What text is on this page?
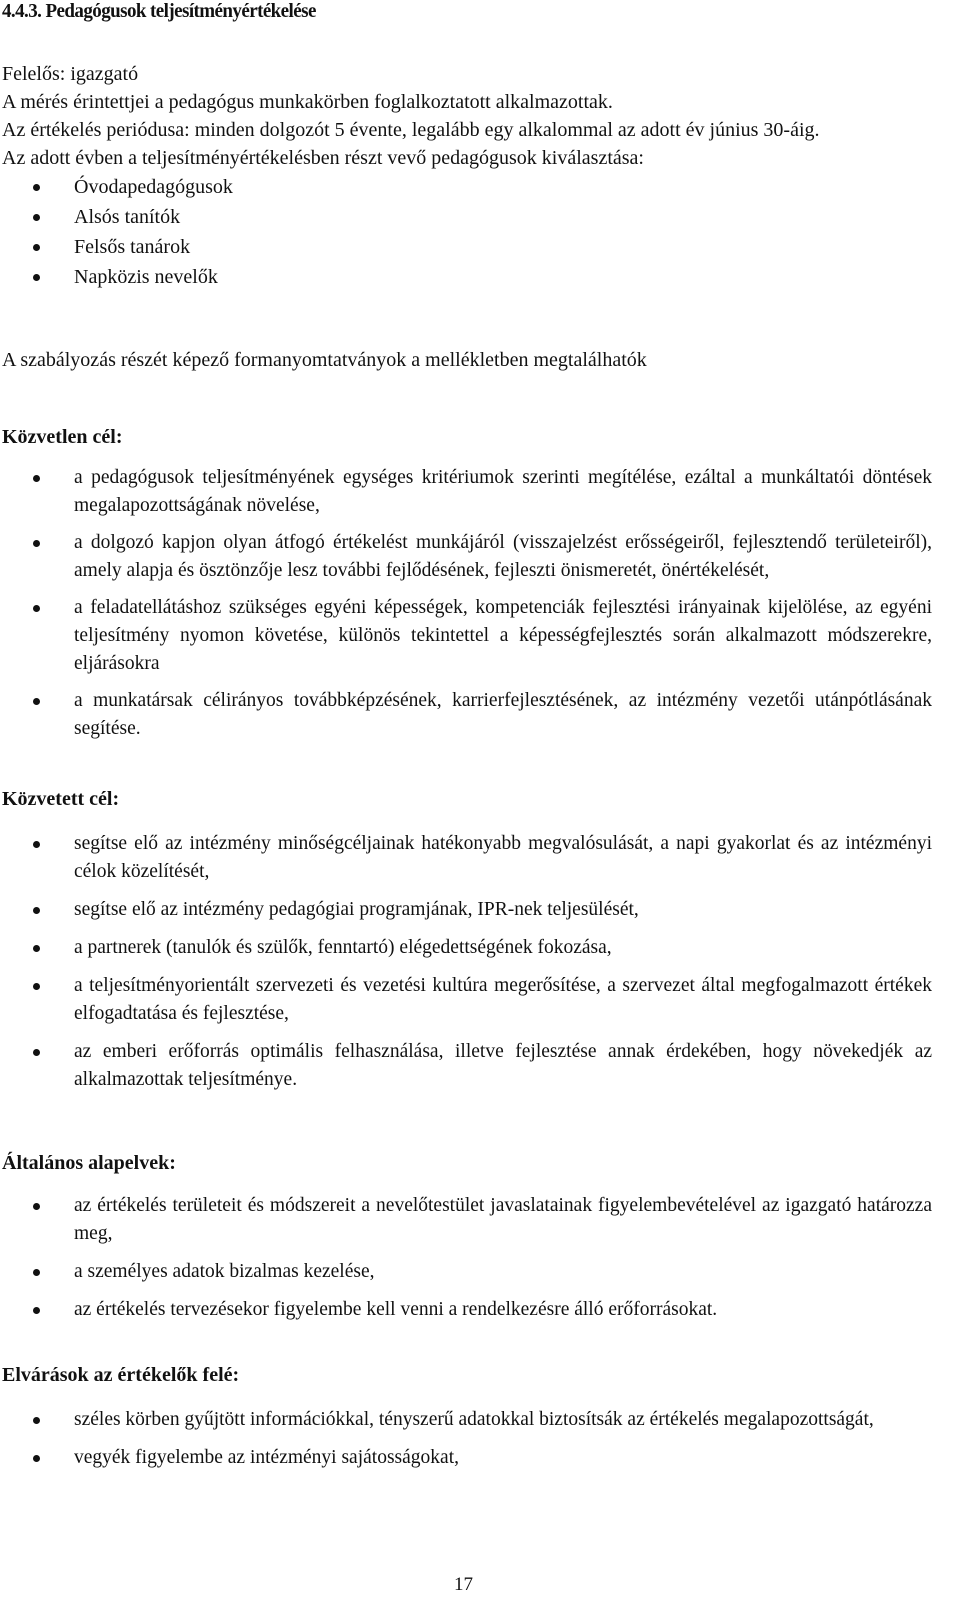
4.4.3. Pedagógusok teljesítményértékelése

Felelős: igazgató

A mérés érintettjei a pedagógus munkakörben foglalkoztatott alkalmazottak.

Az értékelés periódusa: minden dolgozót 5 évente, legalább egy alkalommal az adott év június 30-áig.

Az adott évben a teljesítményértékelésben részt vevő pedagógusok kiválasztása:

Óvodapedagógusok
Alsós tanítók
Felsős tanárok
Napközis nevelők
A szabályozás részét képező formanyomtatványok a mellékletben megtalálhatók

Közvetlen cél:

a pedagógusok teljesítményének egységes kritériumok szerinti megítélése, ezáltal a munkáltatói döntések megalapozottságának növelése,
a dolgozó kapjon olyan átfogó értékelést munkájáról (visszajelzést erősségeiről, fejlesztendő területeiről), amely alapja és ösztönzője lesz további fejlődésének, fejleszti önismeretét, önértékelését,
a feladatellátáshoz szükséges egyéni képességek, kompetenciák fejlesztési irányainak kijelölése, az egyéni teljesítmény nyomon követése, különös tekintettel a képességfejlesztés során alkalmazott módszerekre, eljárásokra
a munkatársak célirányos továbbképzésének, karrierfejlesztésének, az intézmény vezetői utánpótlásának segítése.

Közvetett cél:

segítse elő az intézmény minőségcéljainak hatékonyabb megvalósulását, a napi gyakorlat és az intézményi célok közelítését,
segítse elő az intézmény pedagógiai programjának, IPR-nek teljesülését,
a partnerek (tanulók és szülők, fenntartó) elégedettségének fokozása,
a teljesítményorientált szervezeti és vezetési kultúra megerősítése, a szervezet által megfogalmazott értékek elfogadtatása és fejlesztése,
az emberi erőforrás optimális felhasználása, illetve fejlesztése annak érdekében, hogy növekedjék az alkalmazottak teljesítménye.

Általános alapelvek:

az értékelés területeit és módszereit a nevelőtestület javaslatainak figyelembevételével az igazgató határozza meg,
a személyes adatok bizalmas kezelése,
az értékelés tervezésekor figyelembe kell venni a rendelkezésre álló erőforrásokat.

Elvárások az értékelők felé:

széles körben gyűjtött információkkal, tényszerű adatokkal biztosítsák az értékelés megalapozottságát,
vegyék figyelembe az intézményi sajátosságokat,
17
